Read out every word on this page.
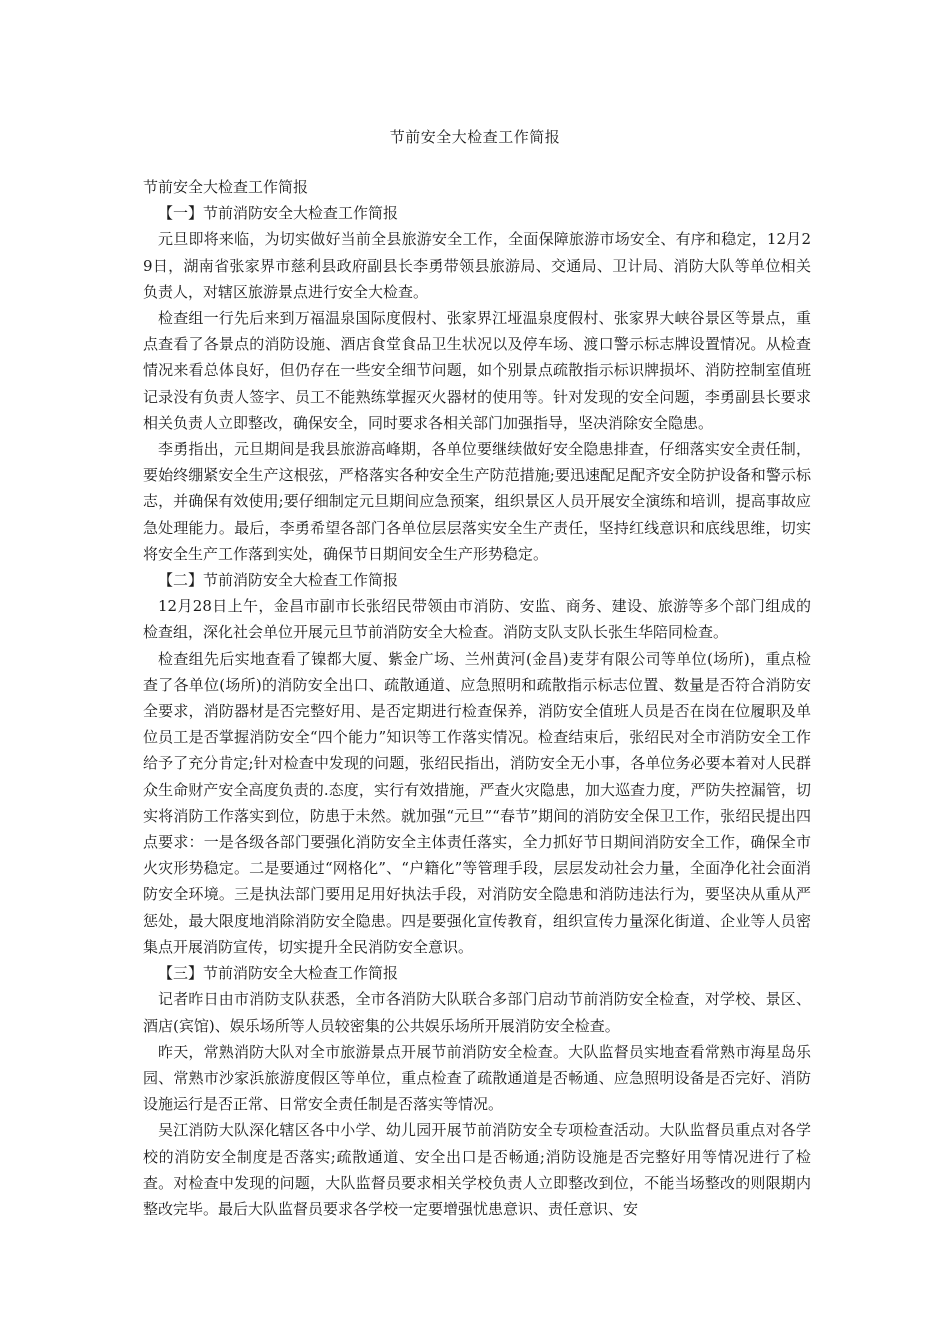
节前安全大检查工作简报

节前安全大检查工作简报

【一】节前消防安全大检查工作简报

元旦即将来临，为切实做好当前全县旅游安全工作，全面保障旅游市场安全、有序和稳定，12月29日，湖南省张家界市慈利县政府副县长李勇带领县旅游局、交通局、卫计局、消防大队等单位相关负责人，对辖区旅游景点进行安全大检查。

检查组一行先后来到万福温泉国际度假村、张家界江垭温泉度假村、张家界大峡谷景区等景点，重点查看了各景点的消防设施、酒店食堂食品卫生状况以及停车场、渡口警示标志牌设置情况。从检查情况来看总体良好，但仍存在一些安全细节问题，如个别景点疏散指示标识牌损坏、消防控制室值班记录没有负责人签字、员工不能熟练掌握灭火器材的使用等。针对发现的安全问题，李勇副县长要求相关负责人立即整改，确保安全，同时要求各相关部门加强指导，坚决消除安全隐患。

李勇指出，元旦期间是我县旅游高峰期，各单位要继续做好安全隐患排查，仔细落实安全责任制，要始终绷紧安全生产这根弦，严格落实各种安全生产防范措施;要迅速配足配齐安全防护设备和警示标志，并确保有效使用;要仔细制定元旦期间应急预案，组织景区人员开展安全演练和培训，提高事故应急处理能力。最后，李勇希望各部门各单位层层落实安全生产责任，坚持红线意识和底线思维，切实将安全生产工作落到实处，确保节日期间安全生产形势稳定。

【二】节前消防安全大检查工作简报

12月28日上午，金昌市副市长张绍民带领由市消防、安监、商务、建设、旅游等多个部门组成的检查组，深化社会单位开展元旦节前消防安全大检查。消防支队支队长张生华陪同检查。

检查组先后实地查看了镍都大厦、紫金广场、兰州黄河(金昌)麦芽有限公司等单位(场所)，重点检查了各单位(场所)的消防安全出口、疏散通道、应急照明和疏散指示标志位置、数量是否符合消防安全要求，消防器材是否完整好用、是否定期进行检查保养，消防安全值班人员是否在岗在位履职及单位员工是否掌握消防安全“四个能力”知识等工作落实情况。检查结束后，张绍民对全市消防安全工作给予了充分肯定;针对检查中发现的问题，张绍民指出，消防安全无小事，各单位务必要本着对人民群众生命财产安全高度负责的.态度，实行有效措施，严查火灾隐患，加大巡查力度，严防失控漏管，切实将消防工作落实到位，防患于未然。就加强“元旦”“春节”期间的消防安全保卫工作，张绍民提出四点要求：一是各级各部门要强化消防安全主体责任落实，全力抓好节日期间消防安全工作，确保全市火灾形势稳定。二是要通过“网格化”、“户籍化”等管理手段，层层发动社会力量，全面净化社会面消防安全环境。三是执法部门要用足用好执法手段，对消防安全隐患和消防违法行为，要坚决从重从严惩处，最大限度地消除消防安全隐患。四是要强化宣传教育，组织宣传力量深化街道、企业等人员密集点开展消防宣传，切实提升全民消防安全意识。

【三】节前消防安全大检查工作简报

记者昨日由市消防支队获悉，全市各消防大队联合多部门启动节前消防安全检查，对学校、景区、酒店(宾馆)、娱乐场所等人员较密集的公共娱乐场所开展消防安全检查。

昨天，常熟消防大队对全市旅游景点开展节前消防安全检查。大队监督员实地查看常熟市海星岛乐园、常熟市沙家浜旅游度假区等单位，重点检查了疏散通道是否畅通、应急照明设备是否完好、消防设施运行是否正常、日常安全责任制是否落实等情况。

吴江消防大队深化辖区各中小学、幼儿园开展节前消防安全专项检查活动。大队监督员重点对各学校的消防安全制度是否落实;疏散通道、安全出口是否畅通;消防设施是否完整好用等情况进行了检查。对检查中发现的问题，大队监督员要求相关学校负责人立即整改到位，不能当场整改的则限期内整改完毕。最后大队监督员要求各学校一定要增强忧患意识、责任意识、安
